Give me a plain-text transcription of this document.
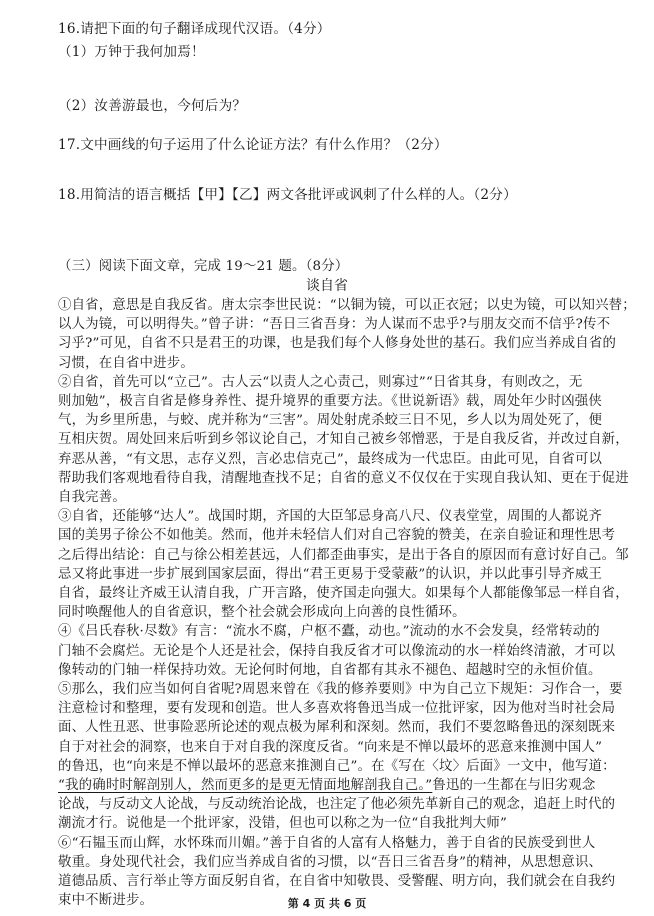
16.请把下面的句子翻译成现代汉语。（4分）
（1）万钟于我何加焉！
（2）汝善游最也，今何后为？
17.文中画线的句子运用了什么论证方法？有什么作用？（2分）
18.用简洁的语言概括【甲】【乙】两文各批评或讽刺了什么样的人。（2分）
（三）阅读下面文章，完成 19～21 题。（8分）
谈自省
①自省，意思是自我反省。唐太宗李世民说：“以铜为镜，可以正衣冠；以史为镜，可以知兴替；
以人为镜，可以明得失。”曾子讲：“吾日三省吾身：为人谋而不忠乎?与朋友交而不信乎?传不
习乎?”可见，自省不只是君王的功课，也是我们每个人修身处世的基石。我们应当养成自省的
习惯，在自省中进步。
②自省，首先可以“立己”。古人云“以责人之心责己，则寡过”“日省其身，有则改之，无
则加勉”，极言自省是修身养性、提升境界的重要方法。《世说新语》载，周处年少时凶强侠
气，为乡里所患，与蛟、虎并称为“三害”。周处射虎杀蛟三日不见，乡人以为周处死了，便
互相庆贺。周处回来后听到乡邻议论自己，才知自己被乡邻憎恶，于是自我反省，并改过自新，
弃恶从善，“有文思，志存义烈，言必忠信克己”，最终成为一代忠臣。由此可见，自省可以
帮助我们客观地看待自我，清醒地查找不足；自省的意义不仅仅在于实现自我认知、更在于促进
自我完善。
③自省，还能够“达人”。战国时期，齐国的大臣邹忌身高八尺、仪表堂堂，周围的人都说齐
国的美男子徐公不如他美。然而，他并未轻信人们对自己容貌的赞美，在亲自验证和理性思考
之后得出结论：自己与徐公相差甚远，人们都歪曲事实，是出于各自的原因而有意讨好自己。邹
忌又将此事进一步扩展到国家层面，得出“君王更易于受蒙蔽”的认识，并以此事引导齐威王
自省，最终让齐威王认清自我，广开言路，使齐国走向强大。如果每个人都能像邹忌一样自省，
同时唤醒他人的自省意识，整个社会就会形成向上向善的良性循环。
④《吕氏春秋·尽数》有言：“流水不腐，户枢不蠹，动也。”流动的水不会发臭，经常转动的
门轴不会腐烂。无论是个人还是社会，保持自我反省才可以像流动的水一样始终清澈，才可以
像转动的门轴一样保持功效。无论何时何地，自省都有其永不褪色、超越时空的永恒价值。
⑤那么，我们应当如何自省呢?周恩来曾在《我的修养要则》中为自己立下规矩：习作合一，要
注意检讨和整理，要有发现和创造。世人多喜欢将鲁迅当成一位批评家，因为他对当时社会局
面、人性丑恶、世事险恶所论述的观点极为犀利和深刻。然而，我们不要忽略鲁迅的深刻既来
自于对社会的洞察，也来自于对自我的深度反省。“向来是不惮以最坏的恶意来推测中国人”
的鲁迅，也“向来是不惮以最坏的恶意来推测自己”。在《写在〈坟〉后面》一文中，他写道：
“我的确时时解剖别人，然而更多的是更无情面地解剖我自己。”鲁迅的一生都在与旧劣观念
论战，与反动文人论战，与反动统治论战，也注定了他必须先革新自己的观念，追赶上时代的
潮流才行。说他是一个批评家，没错，但也可以称之为一位“自我批判大师”
⑥“石韫玉而山辉，水怀珠而川媚。”善于自省的人富有人格魅力，善于自省的民族受到世人
敬重。身处现代社会，我们应当养成自省的习惯，以“吾日三省吾身”的精神，从思想意识、
道德品质、言行举止等方面反躬自省，在自省中知敬畏、受警醒、明方向，我们就会在自我约
束中不断进步。	第 4 页 共 6 页
